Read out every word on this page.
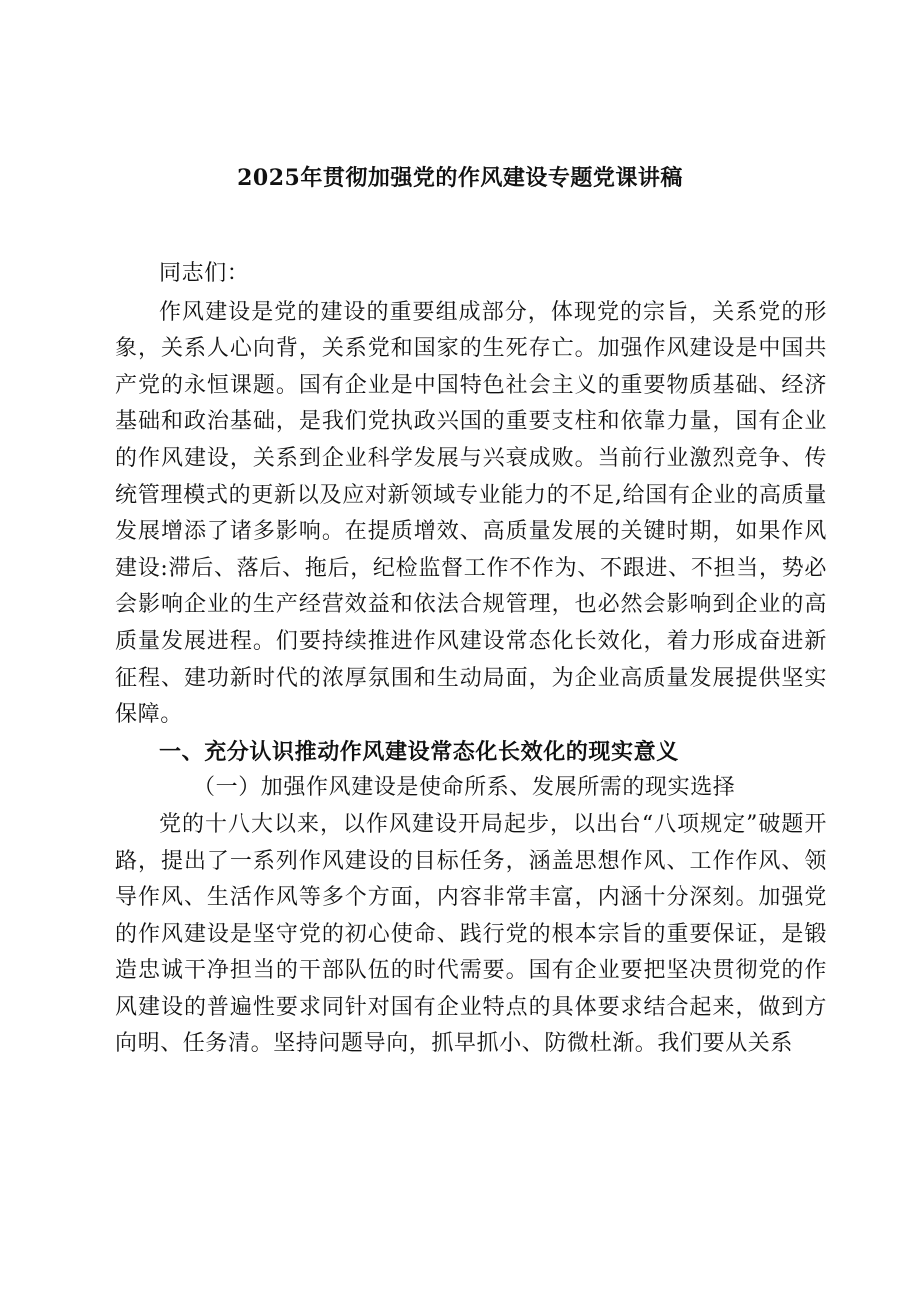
2025年贯彻加强党的作风建设专题党课讲稿

同志们：

作风建设是党的建设的重要组成部分，体现党的宗旨，关系党的形象，关系人心向背，关系党和国家的生死存亡。加强作风建设是中国共产党的永恒课题。国有企业是中国特色社会主义的重要物质基础、经济基础和政治基础，是我们党执政兴国的重要支柱和依靠力量，国有企业的作风建设，关系到企业科学发展与兴衰成败。当前行业激烈竞争、传统管理模式的更新以及应对新领域专业能力的不足,给国有企业的高质量发展增添了诸多影响。在提质增效、高质量发展的关键时期，如果作风建设:滞后、落后、拖后，纪检监督工作不作为、不跟进、不担当，势必会影响企业的生产经营效益和依法合规管理，也必然会影响到企业的高质量发展进程。们要持续推进作风建设常态化长效化，着力形成奋进新征程、建功新时代的浓厚氛围和生动局面，为企业高质量发展提供坚实保障。

一、充分认识推动作风建设常态化长效化的现实意义
（一）加强作风建设是使命所系、发展所需的现实选择

党的十八大以来，以作风建设开局起步，以出台“八项规定”破题开路，提出了一系列作风建设的目标任务，涵盖思想作风、工作作风、领导作风、生活作风等多个方面，内容非常丰富，内涵十分深刻。加强党的作风建设是坚守党的初心使命、践行党的根本宗旨的重要保证，是锻造忠诚干净担当的干部队伍的时代需要。国有企业要把坚决贯彻党的作风建设的普遍性要求同针对国有企业特点的具体要求结合起来，做到方向明、任务清。坚持问题导向，抓早抓小、防微杜渐。我们要从关系
